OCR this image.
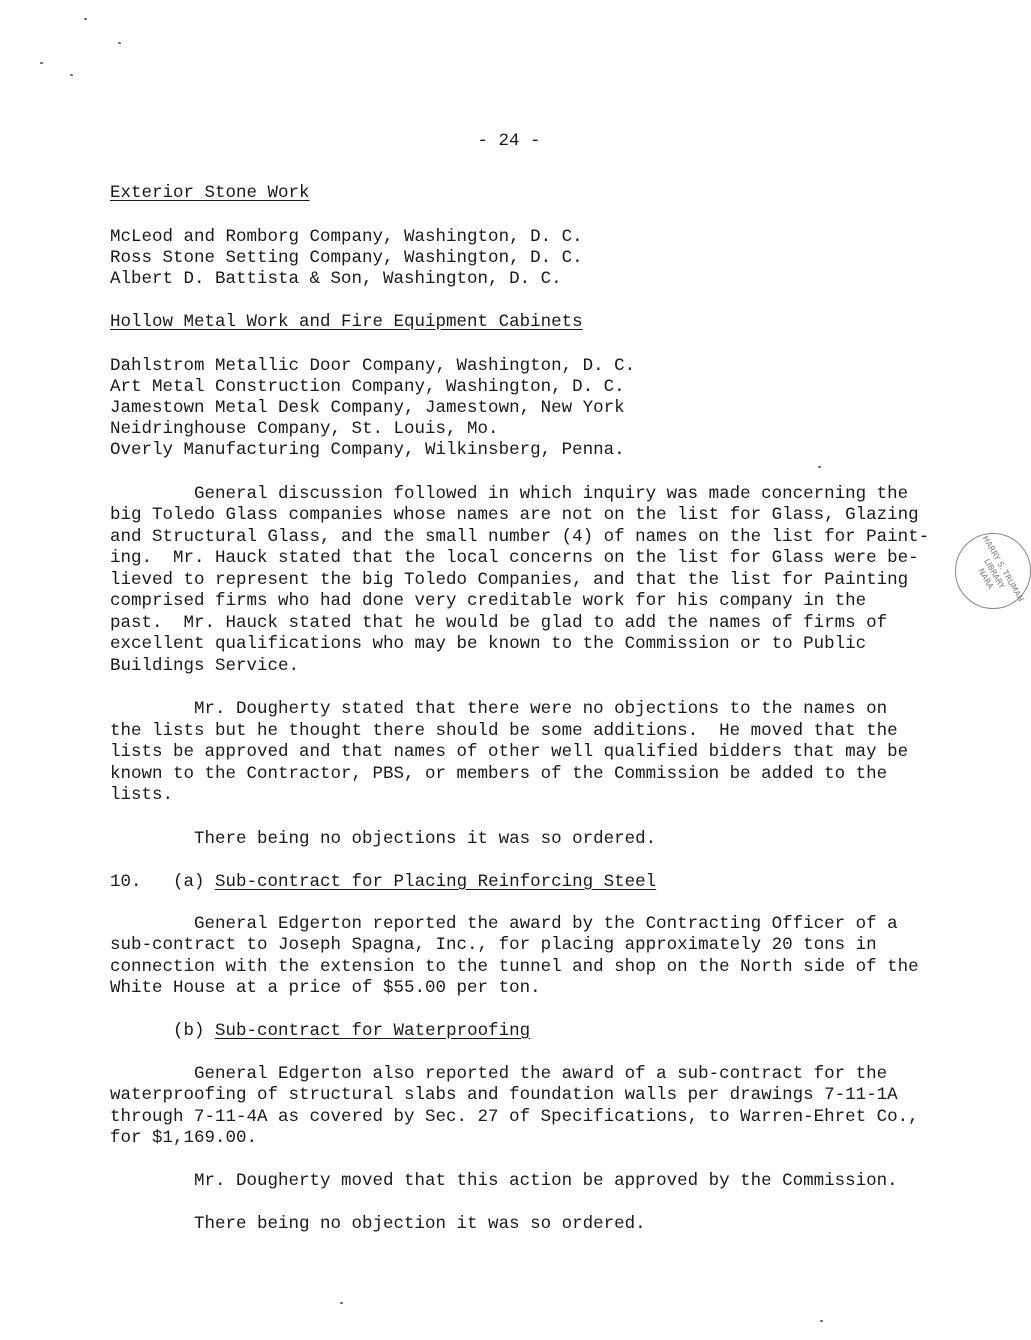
- 24 -
Exterior Stone Work
McLeod and Romborg Company, Washington, D. C.
Ross Stone Setting Company, Washington, D. C.
Albert D. Battista & Son, Washington, D. C.
Hollow Metal Work and Fire Equipment Cabinets
Dahlstrom Metallic Door Company, Washington, D. C.
Art Metal Construction Company, Washington, D. C.
Jamestown Metal Desk Company, Jamestown, New York
Neidringhouse Company, St. Louis, Mo.
Overly Manufacturing Company, Wilkinsberg, Penna.
General discussion followed in which inquiry was made concerning the
big Toledo Glass companies whose names are not on the list for Glass, Glazing
and Structural Glass, and the small number (4) of names on the list for Paint-
ing.  Mr. Hauck stated that the local concerns on the list for Glass were be-
lieved to represent the big Toledo Companies, and that the list for Painting
comprised firms who had done very creditable work for his company in the
past.  Mr. Hauck stated that he would be glad to add the names of firms of
excellent qualifications who may be known to the Commission or to Public
Buildings Service.
Mr. Dougherty stated that there were no objections to the names on
the lists but he thought there should be some additions.  He moved that the
lists be approved and that names of other well qualified bidders that may be
known to the Contractor, PBS, or members of the Commission be added to the
lists.
There being no objections it was so ordered.
10.   (a) Sub-contract for Placing Reinforcing Steel
General Edgerton reported the award by the Contracting Officer of a
sub-contract to Joseph Spagna, Inc., for placing approximately 20 tons in
connection with the extension to the tunnel and shop on the North side of the
White House at a price of $55.00 per ton.
(b) Sub-contract for Waterproofing
General Edgerton also reported the award of a sub-contract for the
waterproofing of structural slabs and foundation walls per drawings 7-11-1A
through 7-11-4A as covered by Sec. 27 of Specifications, to Warren-Ehret Co.,
for $1,169.00.
Mr. Dougherty moved that this action be approved by the Commission.
There being no objection it was so ordered.
HARRY S. TRUMAN
LIBRARY
NARA
